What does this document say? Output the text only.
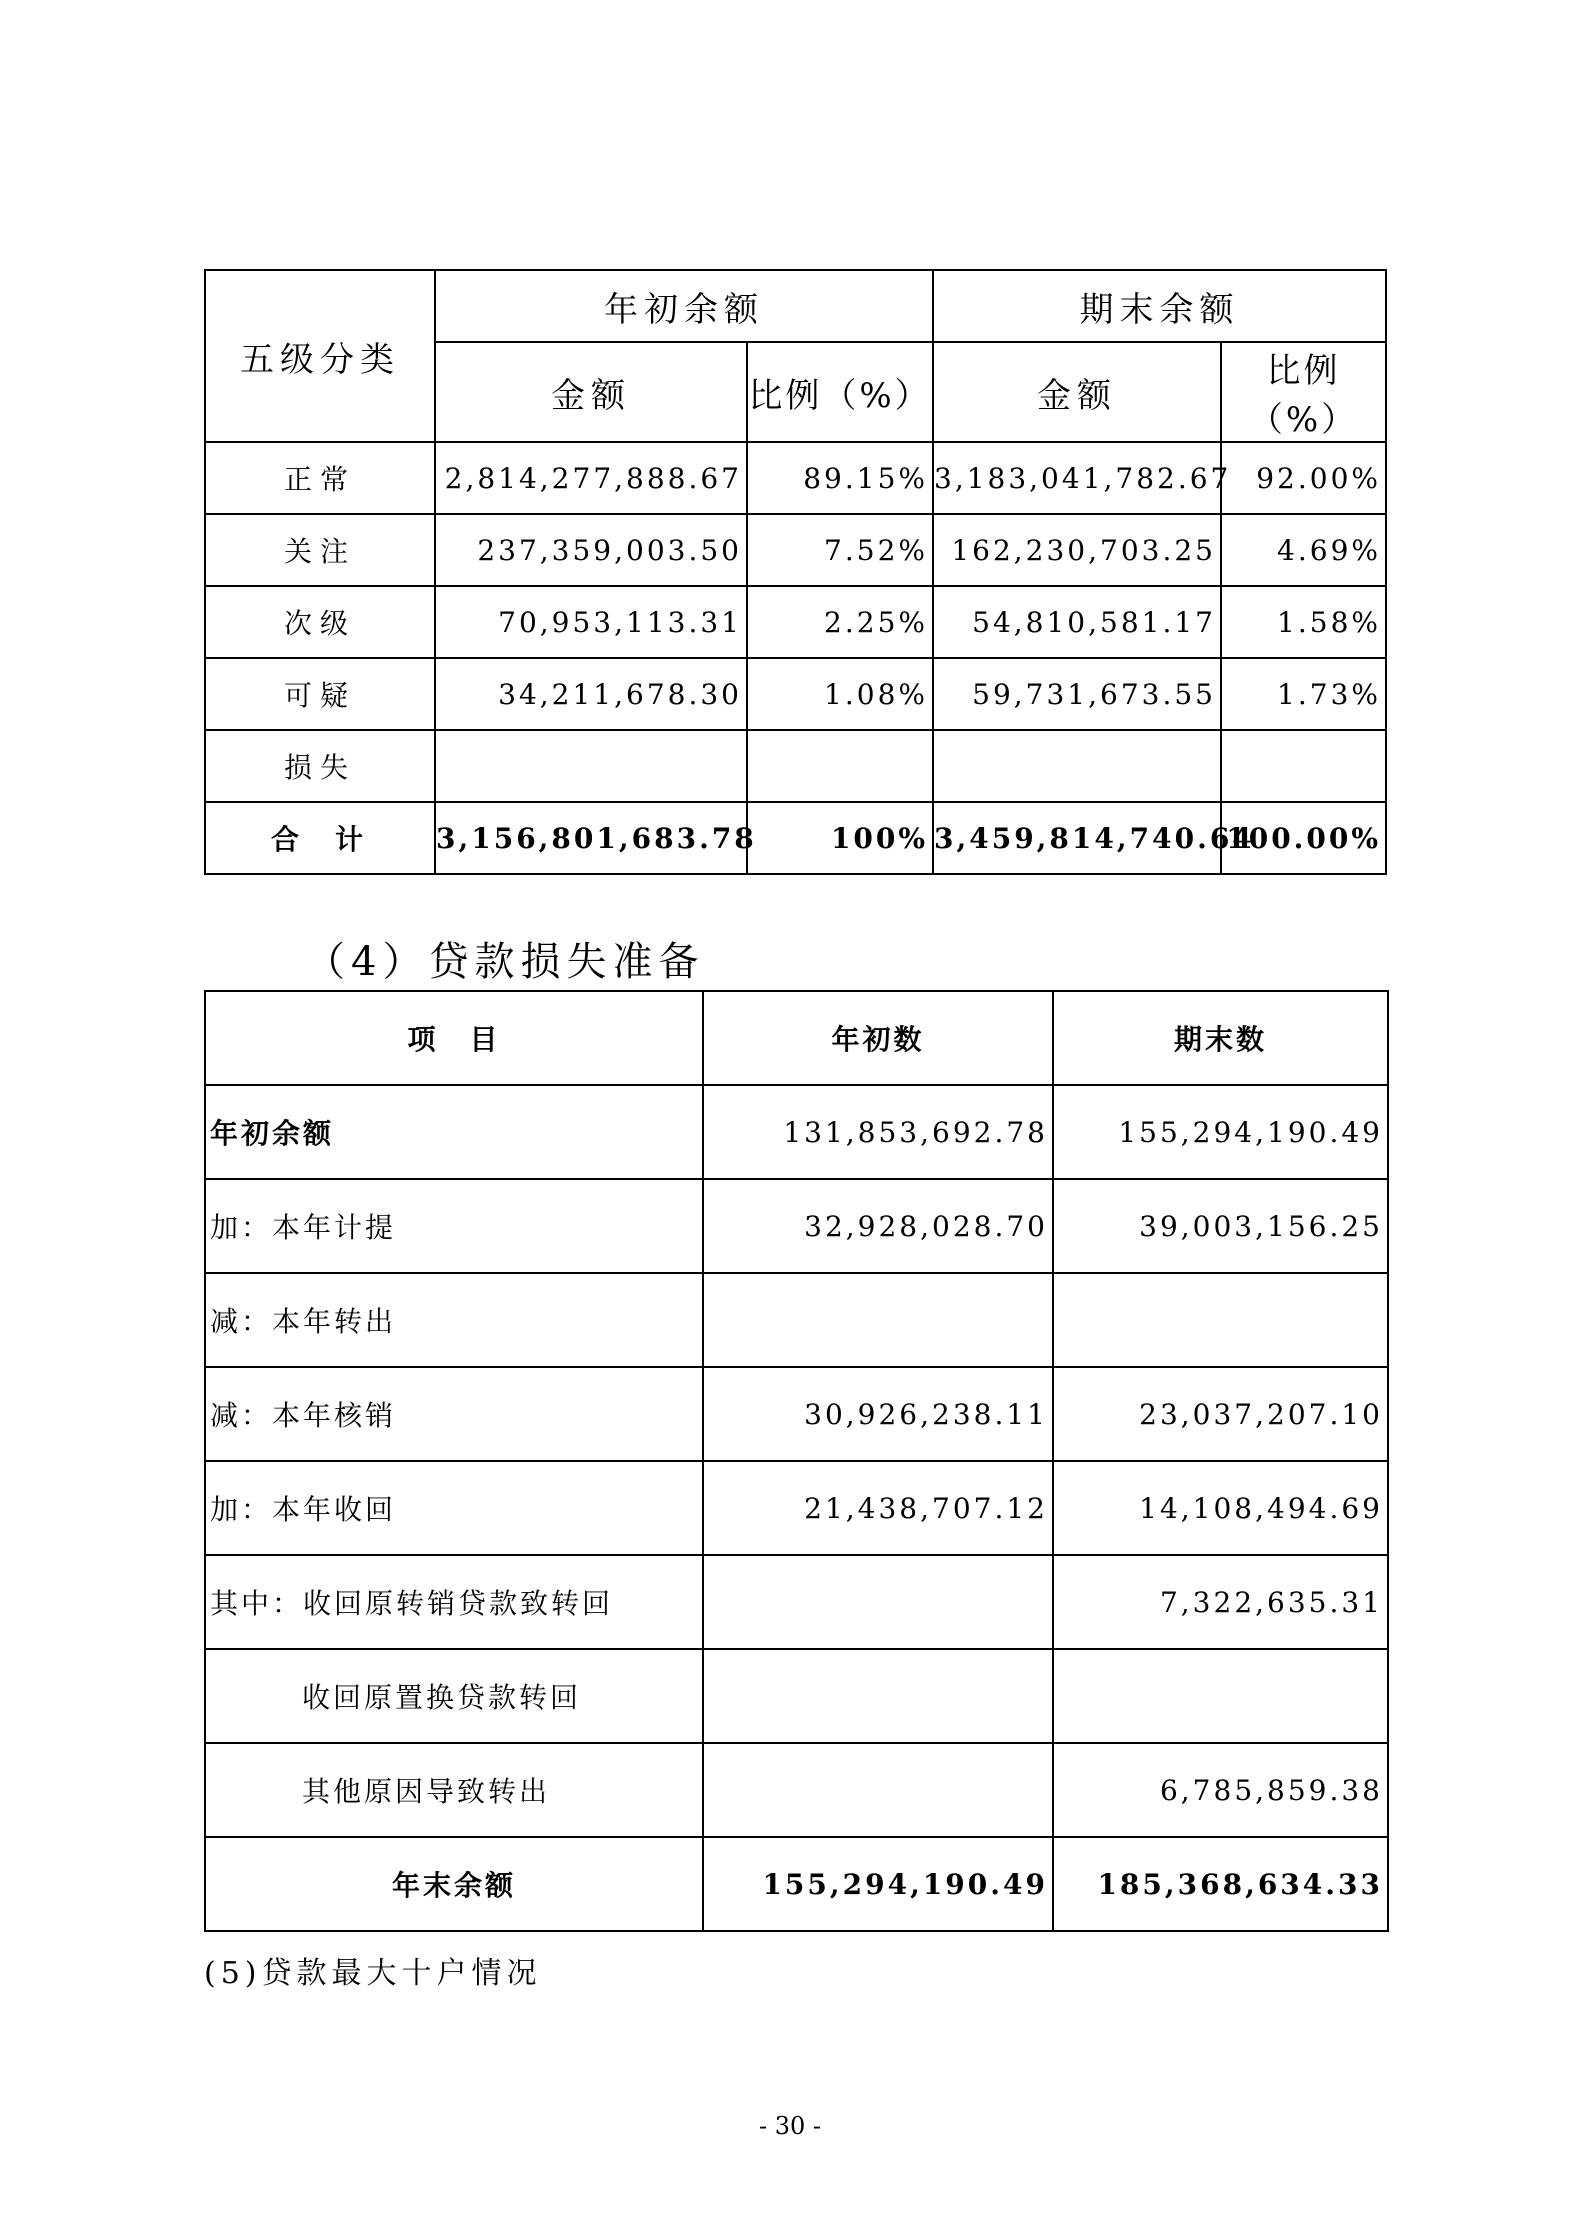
五级分类	年初余额		期末余额	
	金额	比例（%）	金额	比例（%）
正常	2,814,277,888.67	89.15%	3,183,041,782.67	92.00%
关注	237,359,003.50	7.52%	162,230,703.25	4.69%
次级	70,953,113.31	2.25%	54,810,581.17	1.58%
可疑	34,211,678.30	1.08%	59,731,673.55	1.73%
损失				
合计	3,156,801,683.78	100%	3,459,814,740.64	100.00%
（4）贷款损失准备
项　目	年初数	期末数
年初余额	131,853,692.78	155,294,190.49
加：本年计提	32,928,028.70	39,003,156.25
减：本年转出		
减：本年核销	30,926,238.11	23,037,207.10
加：本年收回	21,438,707.12	14,108,494.69
其中：收回原转销贷款致转回		7,322,635.31
收回原置换贷款转回		
其他原因导致转出		6,785,859.38
年末余额	155,294,190.49	185,368,634.33
(5)贷款最大十户情况
- 30 -
